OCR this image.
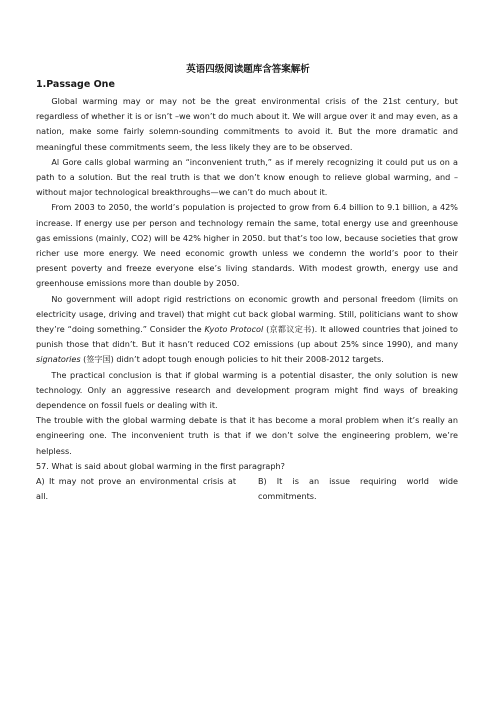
英语四级阅读题库含答案解析
1.Passage One

Global warming may or may not be the great environmental crisis of the 21st century, but regardless of whether it is or isn’t –we won’t do much about it. We will argue over it and may even, as a nation, make some fairly solemn-sounding commitments to avoid it. But the more dramatic and meaningful these commitments seem, the less likely they are to be observed.

Al Gore calls global warming an “inconvenient truth,” as if merely recognizing it could put us on a path to a solution. But the real truth is that we don’t know enough to relieve global warming, and –without major technological breakthroughs—we can’t do much about it.

From 2003 to 2050, the world’s population is projected to grow from 6.4 billion to 9.1 billion, a 42% increase. If energy use per person and technology remain the same, total energy use and greenhouse gas emissions (mainly, CO2) will be 42% higher in 2050. but that’s too low, because societies that grow richer use more energy. We need economic growth unless we condemn the world’s poor to their present poverty and freeze everyone else’s living standards. With modest growth, energy use and greenhouse emissions more than double by 2050.

No government will adopt rigid restrictions on economic growth and personal freedom (limits on electricity usage, driving and travel) that might cut back global warming. Still, politicians want to show they’re “doing something.” Consider the Kyoto Protocol (京都议定书). It allowed countries that joined to punish those that didn’t. But it hasn’t reduced CO2 emissions (up about 25% since 1990), and many signatories (签字国) didn’t adopt tough enough policies to hit their 2008-2012 targets.

The practical conclusion is that if global warming is a potential disaster, the only solution is new technology. Only an aggressive research and development program might find ways of breaking dependence on fossil fuels or dealing with it.

The trouble with the global warming debate is that it has become a moral problem when it’s really an engineering one. The inconvenient truth is that if we don’t solve the engineering problem, we’re helpless.

57. What is said about global warming in the first paragraph?

A) It may not prove an environmental crisis at all.
B) It is an issue requiring world wide commitments.
